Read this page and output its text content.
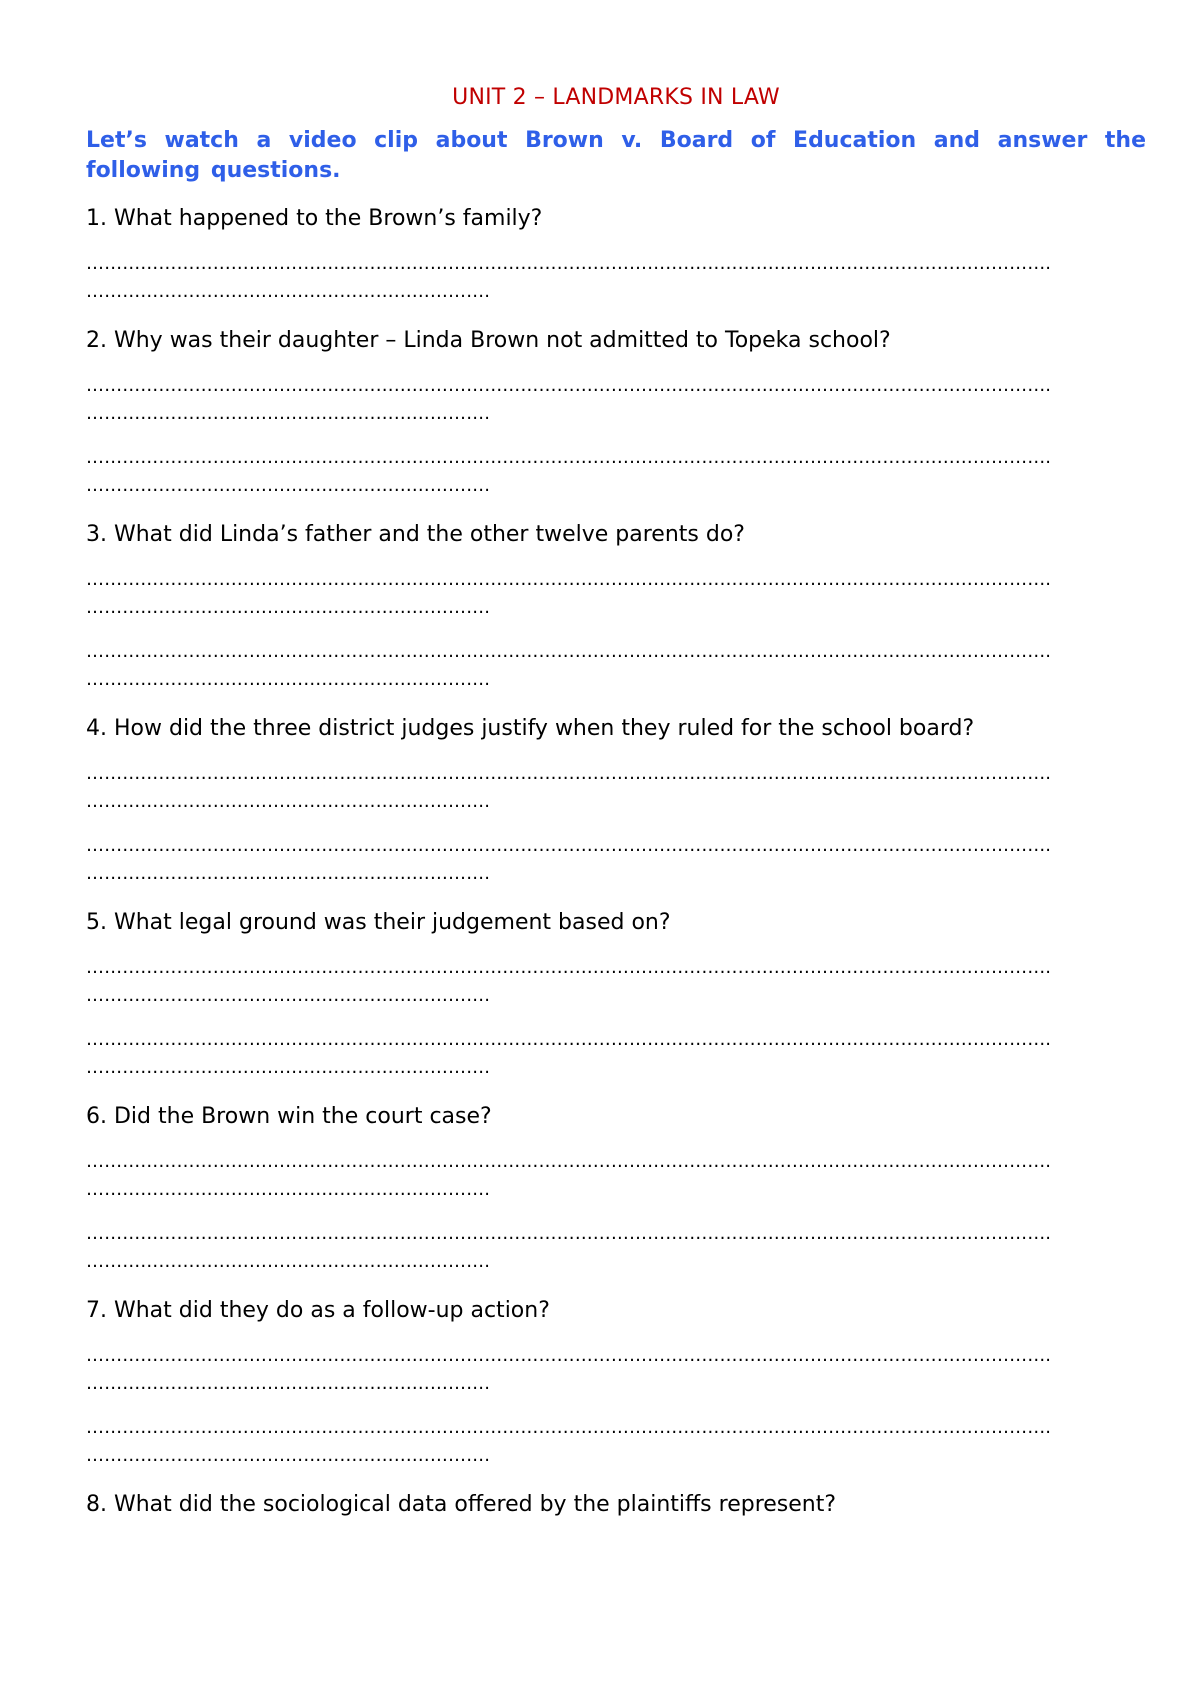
UNIT 2 – LANDMARKS IN LAW
Let’s watch a video clip about Brown v. Board of Education and answer the following questions.
1. What happened to the Brown’s family?
…………………………………………………………………………………………………………………………………………….
………………………………………………………….
2. Why was their daughter – Linda Brown not admitted to Topeka school?
…………………………………………………………………………………………………………………………………………….
………………………………………………………….
…………………………………………………………………………………………………………………………………………….
………………………………………………………….
3. What did Linda’s father and the other twelve parents do?
…………………………………………………………………………………………………………………………………………….
………………………………………………………….
…………………………………………………………………………………………………………………………………………….
………………………………………………………….
4. How did the three district judges justify when they ruled for the school board?
…………………………………………………………………………………………………………………………………………….
………………………………………………………….
…………………………………………………………………………………………………………………………………………….
………………………………………………………….
5. What legal ground was their judgement based on?
…………………………………………………………………………………………………………………………………………….
………………………………………………………….
…………………………………………………………………………………………………………………………………………….
………………………………………………………….
6. Did the Brown win the court case?
…………………………………………………………………………………………………………………………………………….
………………………………………………………….
…………………………………………………………………………………………………………………………………………….
………………………………………………………….
7. What did they do as a follow-up action?
…………………………………………………………………………………………………………………………………………….
………………………………………………………….
…………………………………………………………………………………………………………………………………………….
………………………………………………………….
8. What did the sociological data offered by the plaintiffs represent?
